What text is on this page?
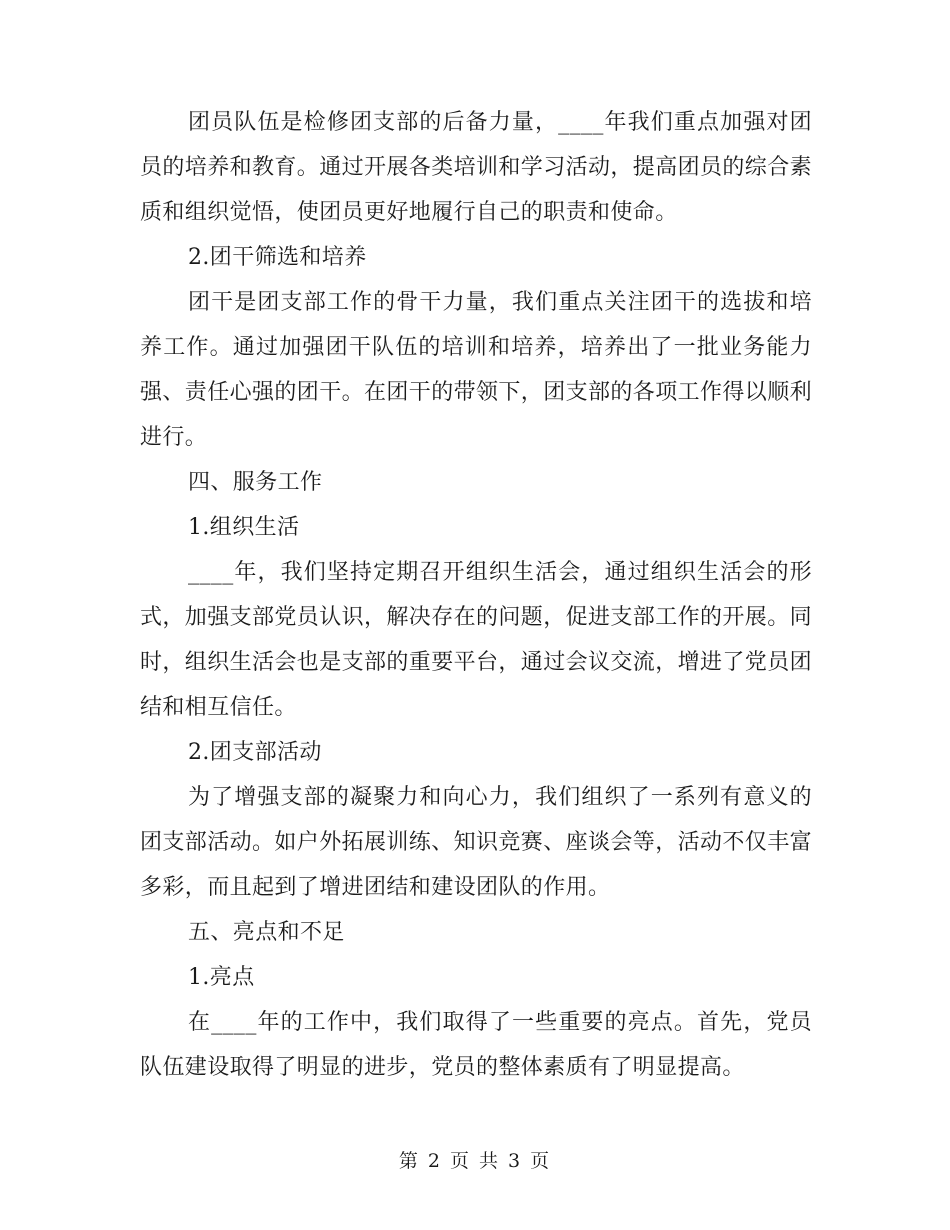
团员队伍是检修团支部的后备力量，____年我们重点加强对团员的培养和教育。通过开展各类培训和学习活动，提高团员的综合素质和组织觉悟，使团员更好地履行自己的职责和使命。

2.团干筛选和培养

团干是团支部工作的骨干力量，我们重点关注团干的选拔和培养工作。通过加强团干队伍的培训和培养，培养出了一批业务能力强、责任心强的团干。在团干的带领下，团支部的各项工作得以顺利进行。

四、服务工作

1.组织生活

____年，我们坚持定期召开组织生活会，通过组织生活会的形式，加强支部党员认识，解决存在的问题，促进支部工作的开展。同时，组织生活会也是支部的重要平台，通过会议交流，增进了党员团结和相互信任。

2.团支部活动

为了增强支部的凝聚力和向心力，我们组织了一系列有意义的团支部活动。如户外拓展训练、知识竞赛、座谈会等，活动不仅丰富多彩，而且起到了增进团结和建设团队的作用。

五、亮点和不足

1.亮点

在____年的工作中，我们取得了一些重要的亮点。首先，党员队伍建设取得了明显的进步，党员的整体素质有了明显提高。

第 2 页 共 3 页
